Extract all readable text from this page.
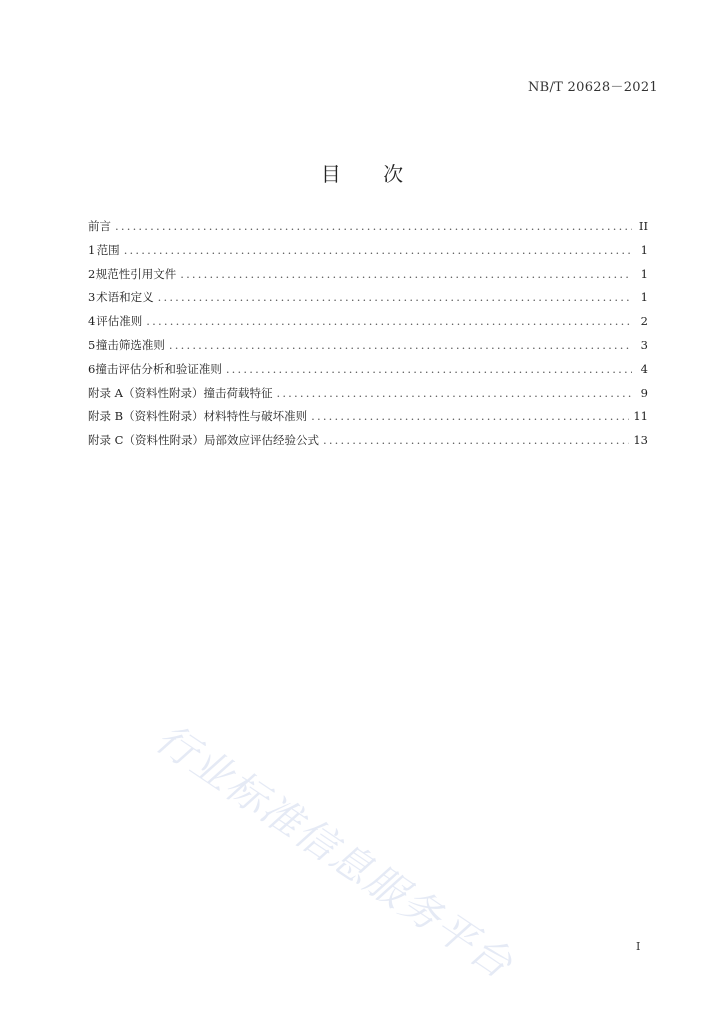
NB/T 20628－2021
目 次
前言 .....	II
1 范围 .....	1
2 规范性引用文件 .....	1
3 术语和定义 .....	1
4 评估准则 .....	2
5 撞击筛选准则 .....	3
6 撞击评估分析和验证准则 .....	4
附录 A（资料性附录） 撞击荷载特征 .....	9
附录 B（资料性附录） 材料特性与破坏准则 .....	11
附录 C（资料性附录） 局部效应评估经验公式 .....	13
行业标准信息服务平台	I
